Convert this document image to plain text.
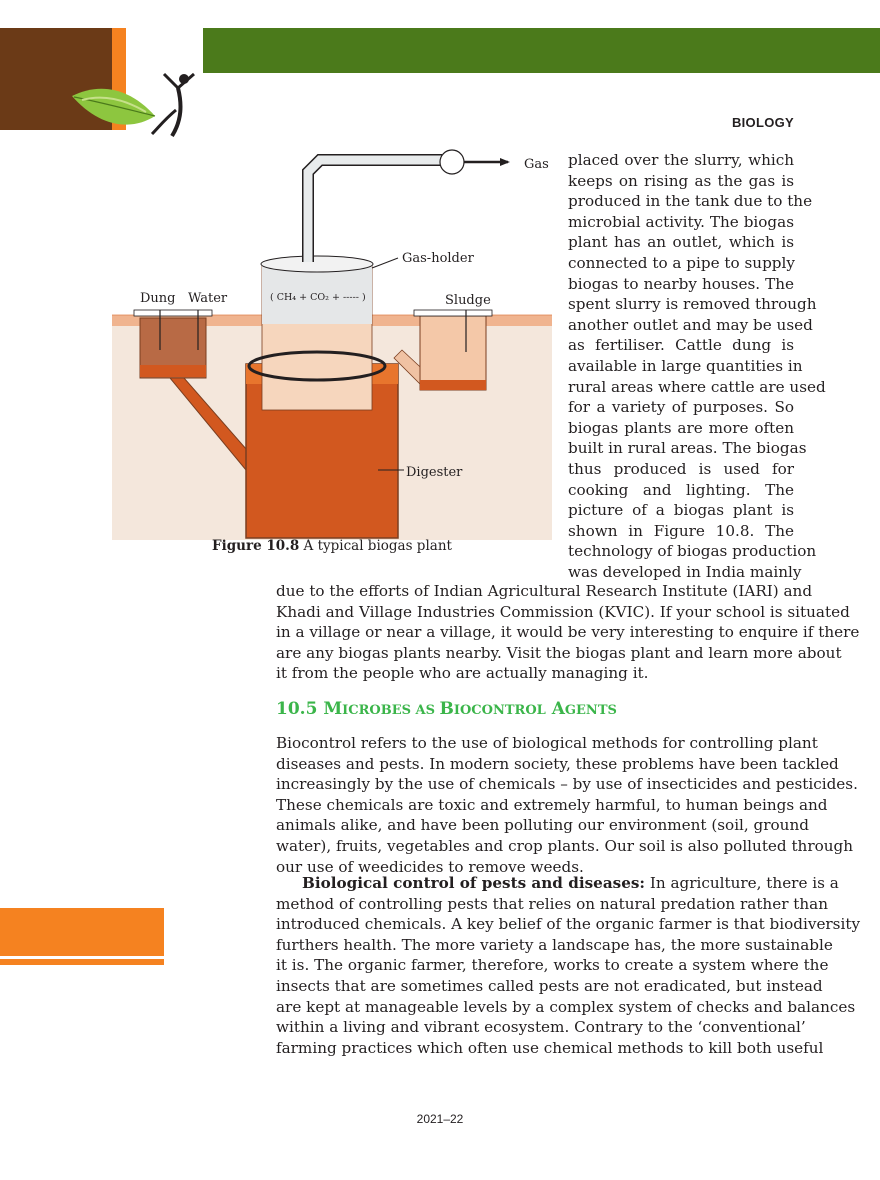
BIOLOGY
Gas
Gas-holder
( CH₄ + CO₂ + ----- )
Dung Water	Sludge
Digester
Figure 10.8 A typical biogas plant
placed over the slurry, which
keeps on rising as the gas is
produced in the tank due to the
microbial activity. The biogas
plant has an outlet, which is
connected to a pipe to supply
biogas to nearby houses. The
spent slurry is removed through
another outlet and may be used
as fertiliser. Cattle dung is
available in large quantities in
rural areas where cattle are used
for a variety of purposes. So
biogas plants are more often
built in rural areas. The biogas
thus produced is used for
cooking and lighting. The
picture of a biogas plant is
shown in Figure 10.8. The
technology of biogas production
was developed in India mainly
due to the efforts of Indian Agricultural Research Institute (IARI) and
Khadi and Village Industries Commission (KVIC). If your school is situated
in a village or near a village, it would be very interesting to enquire if there
are any biogas plants nearby. Visit the biogas plant and learn more about
it from the people who are actually managing it.
10.5 MICROBES AS BIOCONTROL AGENTS
Biocontrol refers to the use of biological methods for controlling plant
diseases and pests. In modern society, these problems have been tackled
increasingly by the use of chemicals – by use of insecticides and pesticides.
These chemicals are toxic and extremely harmful, to human beings and
animals alike, and have been polluting our environment (soil, ground
water), fruits, vegetables and crop plants. Our soil is also polluted through
our use of weedicides to remove weeds.
Biological control of pests and diseases: In agriculture, there is a
method of controlling pests that relies on natural predation rather than
introduced chemicals. A key belief of the organic farmer is that biodiversity
furthers health. The more variety a landscape has, the more sustainable
it is. The organic farmer, therefore, works to create a system where the
insects that are sometimes called pests are not eradicated, but instead
are kept at manageable levels by a complex system of checks and balances
within a living and vibrant ecosystem. Contrary to the ‘conventional’
farming practices which often use chemical methods to kill both useful
2021–22
